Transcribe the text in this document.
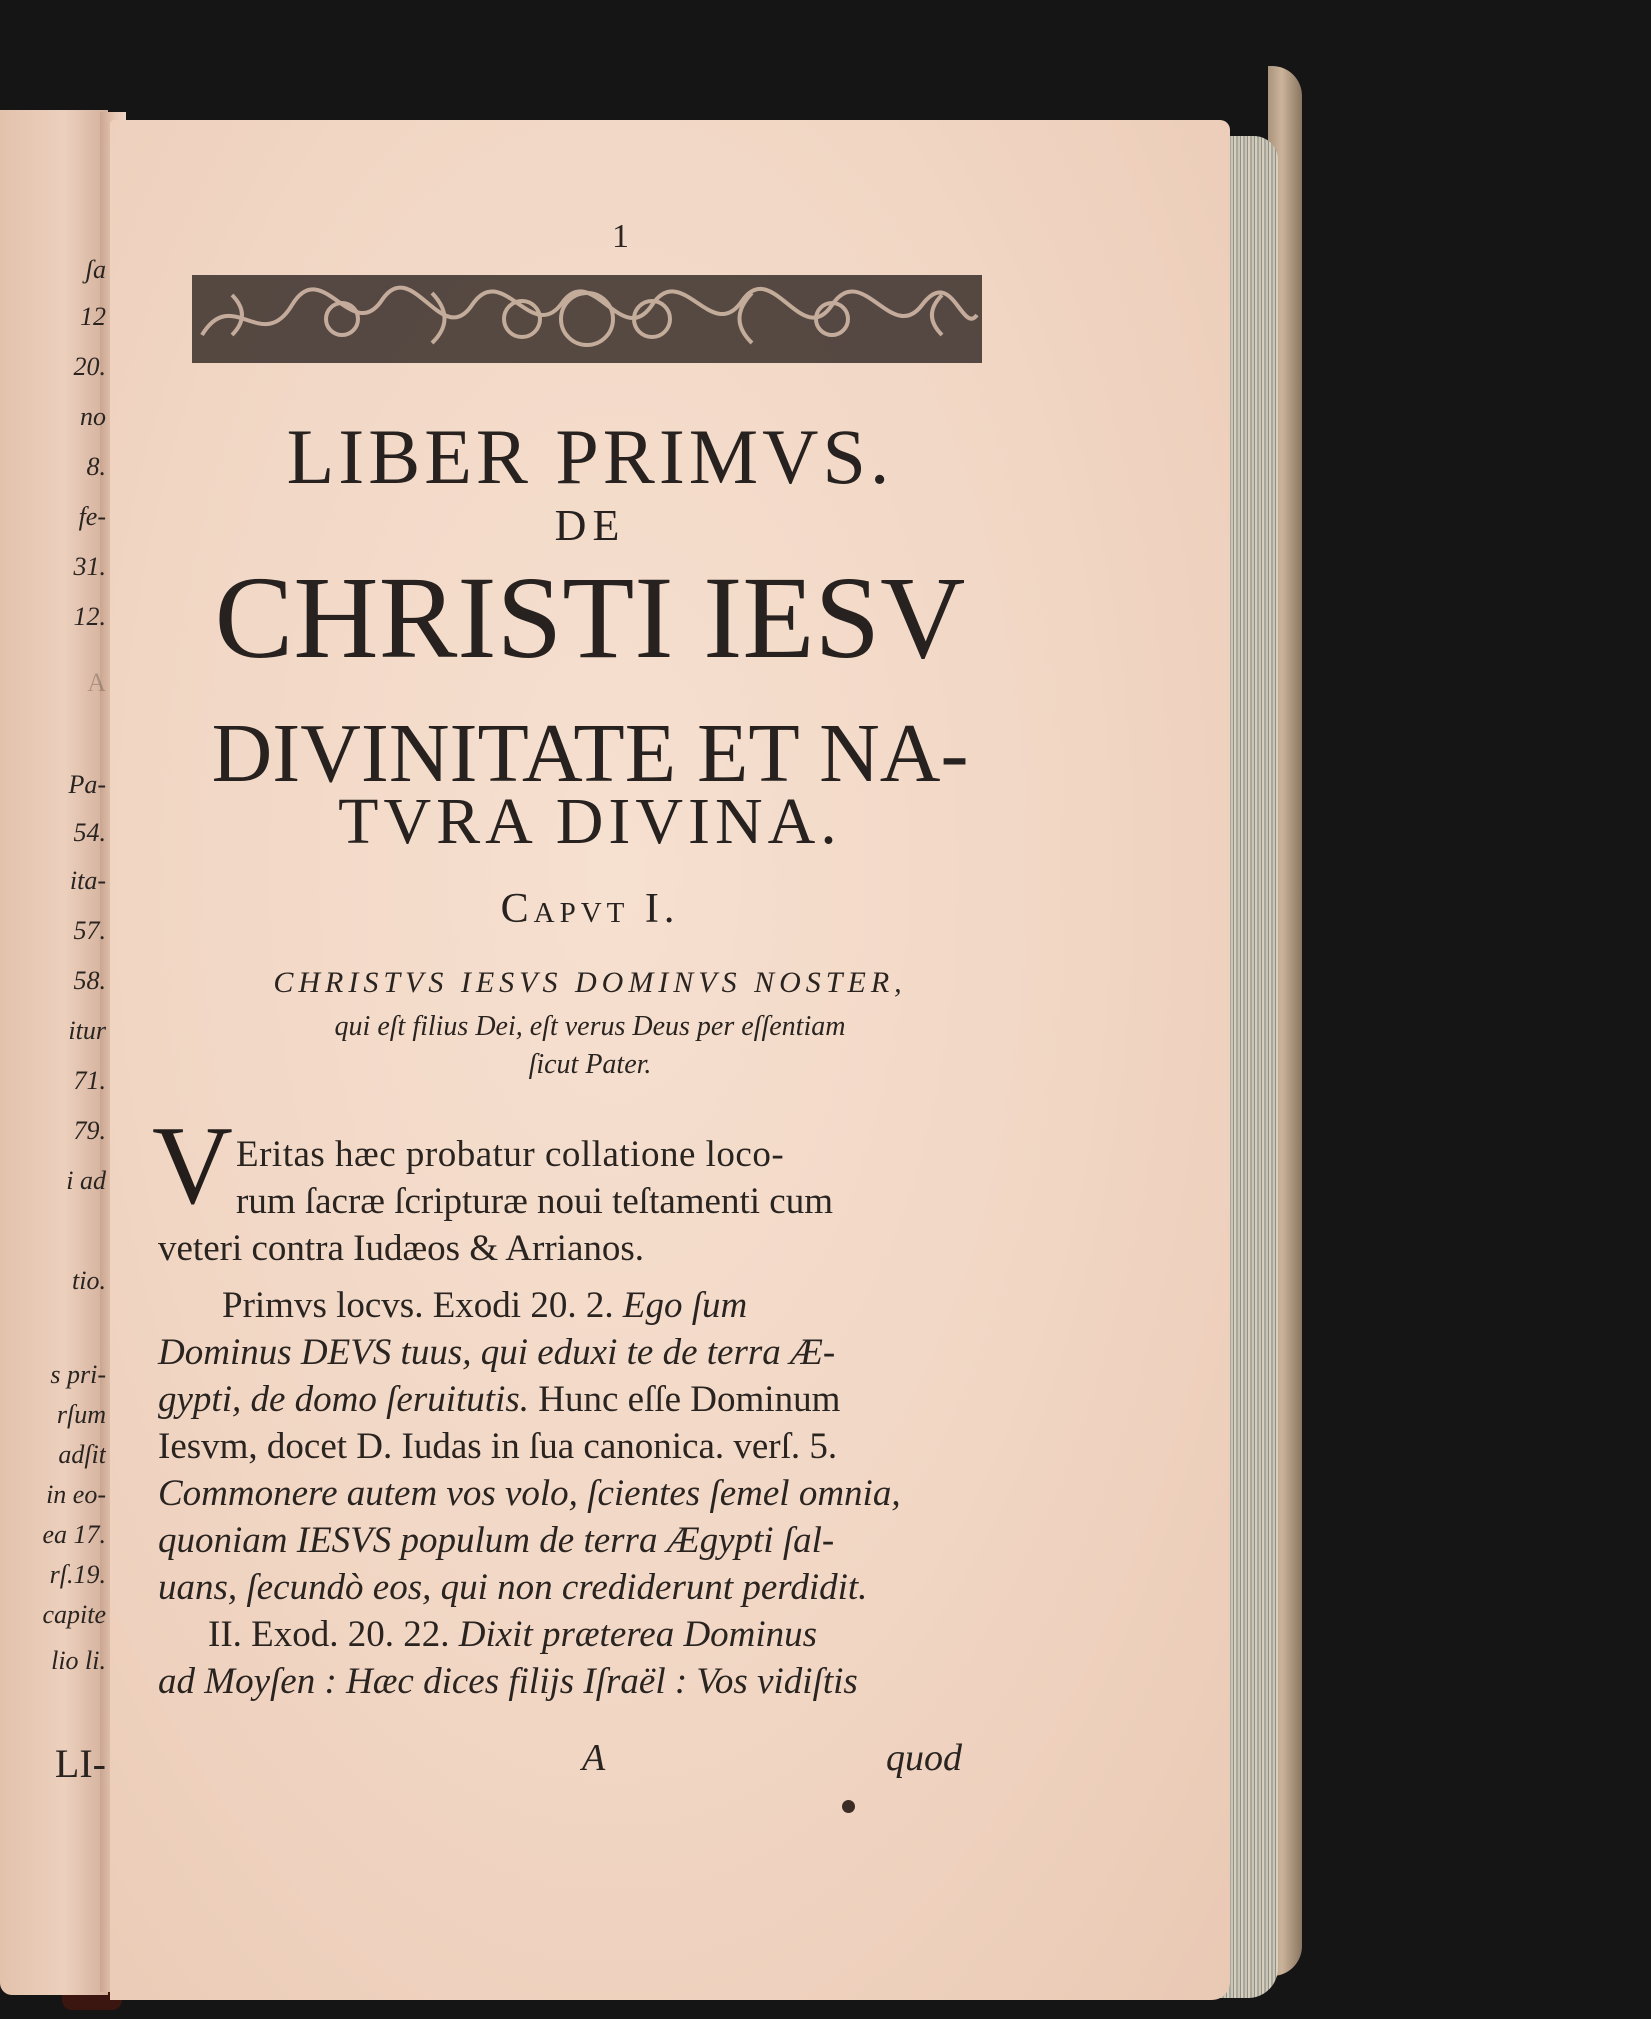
ʃa
12
20.
no
8.
fe-
31.
12.
A
Pa-
54.
ita-
57.
58.
itur
71.
79.
i ad
tio.
s pri-
rſum
adſit
in eo-
ea 17.
rſ.19.
capite
lio li.
LI-
1
LIBER PRIMVS.
DE
CHRISTI IESV
DIVINITATE ET NA-
TVRA DIVINA.
Capvt I.
CHRISTVS IESVS DOMINVS NOSTER,
qui eſt filius Dei, eſt verus Deus per eſſentiam
ſicut Pater.
V Eritas hæc probatur collatione loco-
rum ſacræ ſcripturæ noui teſtamenti cum
veteri contra Iudæos & Arrianos.
Primvs locvs. Exodi 20. 2. Ego ſum
Dominus DEVS tuus, qui eduxi te de terra Æ-
gypti, de domo ſeruitutis. Hunc eſſe Dominum
Iesvm, docet D. Iudas in ſua canonica. verſ. 5.
Commonere autem vos volo, ſcientes ſemel omnia,
quoniam IESVS populum de terra Ægypti ſal-
uans, ſecundò eos, qui non crediderunt perdidit.
II. Exod. 20. 22. Dixit præterea Dominus
ad Moyſen : Hæc dices filijs Iſraël : Vos vidiſtis
A	quod
